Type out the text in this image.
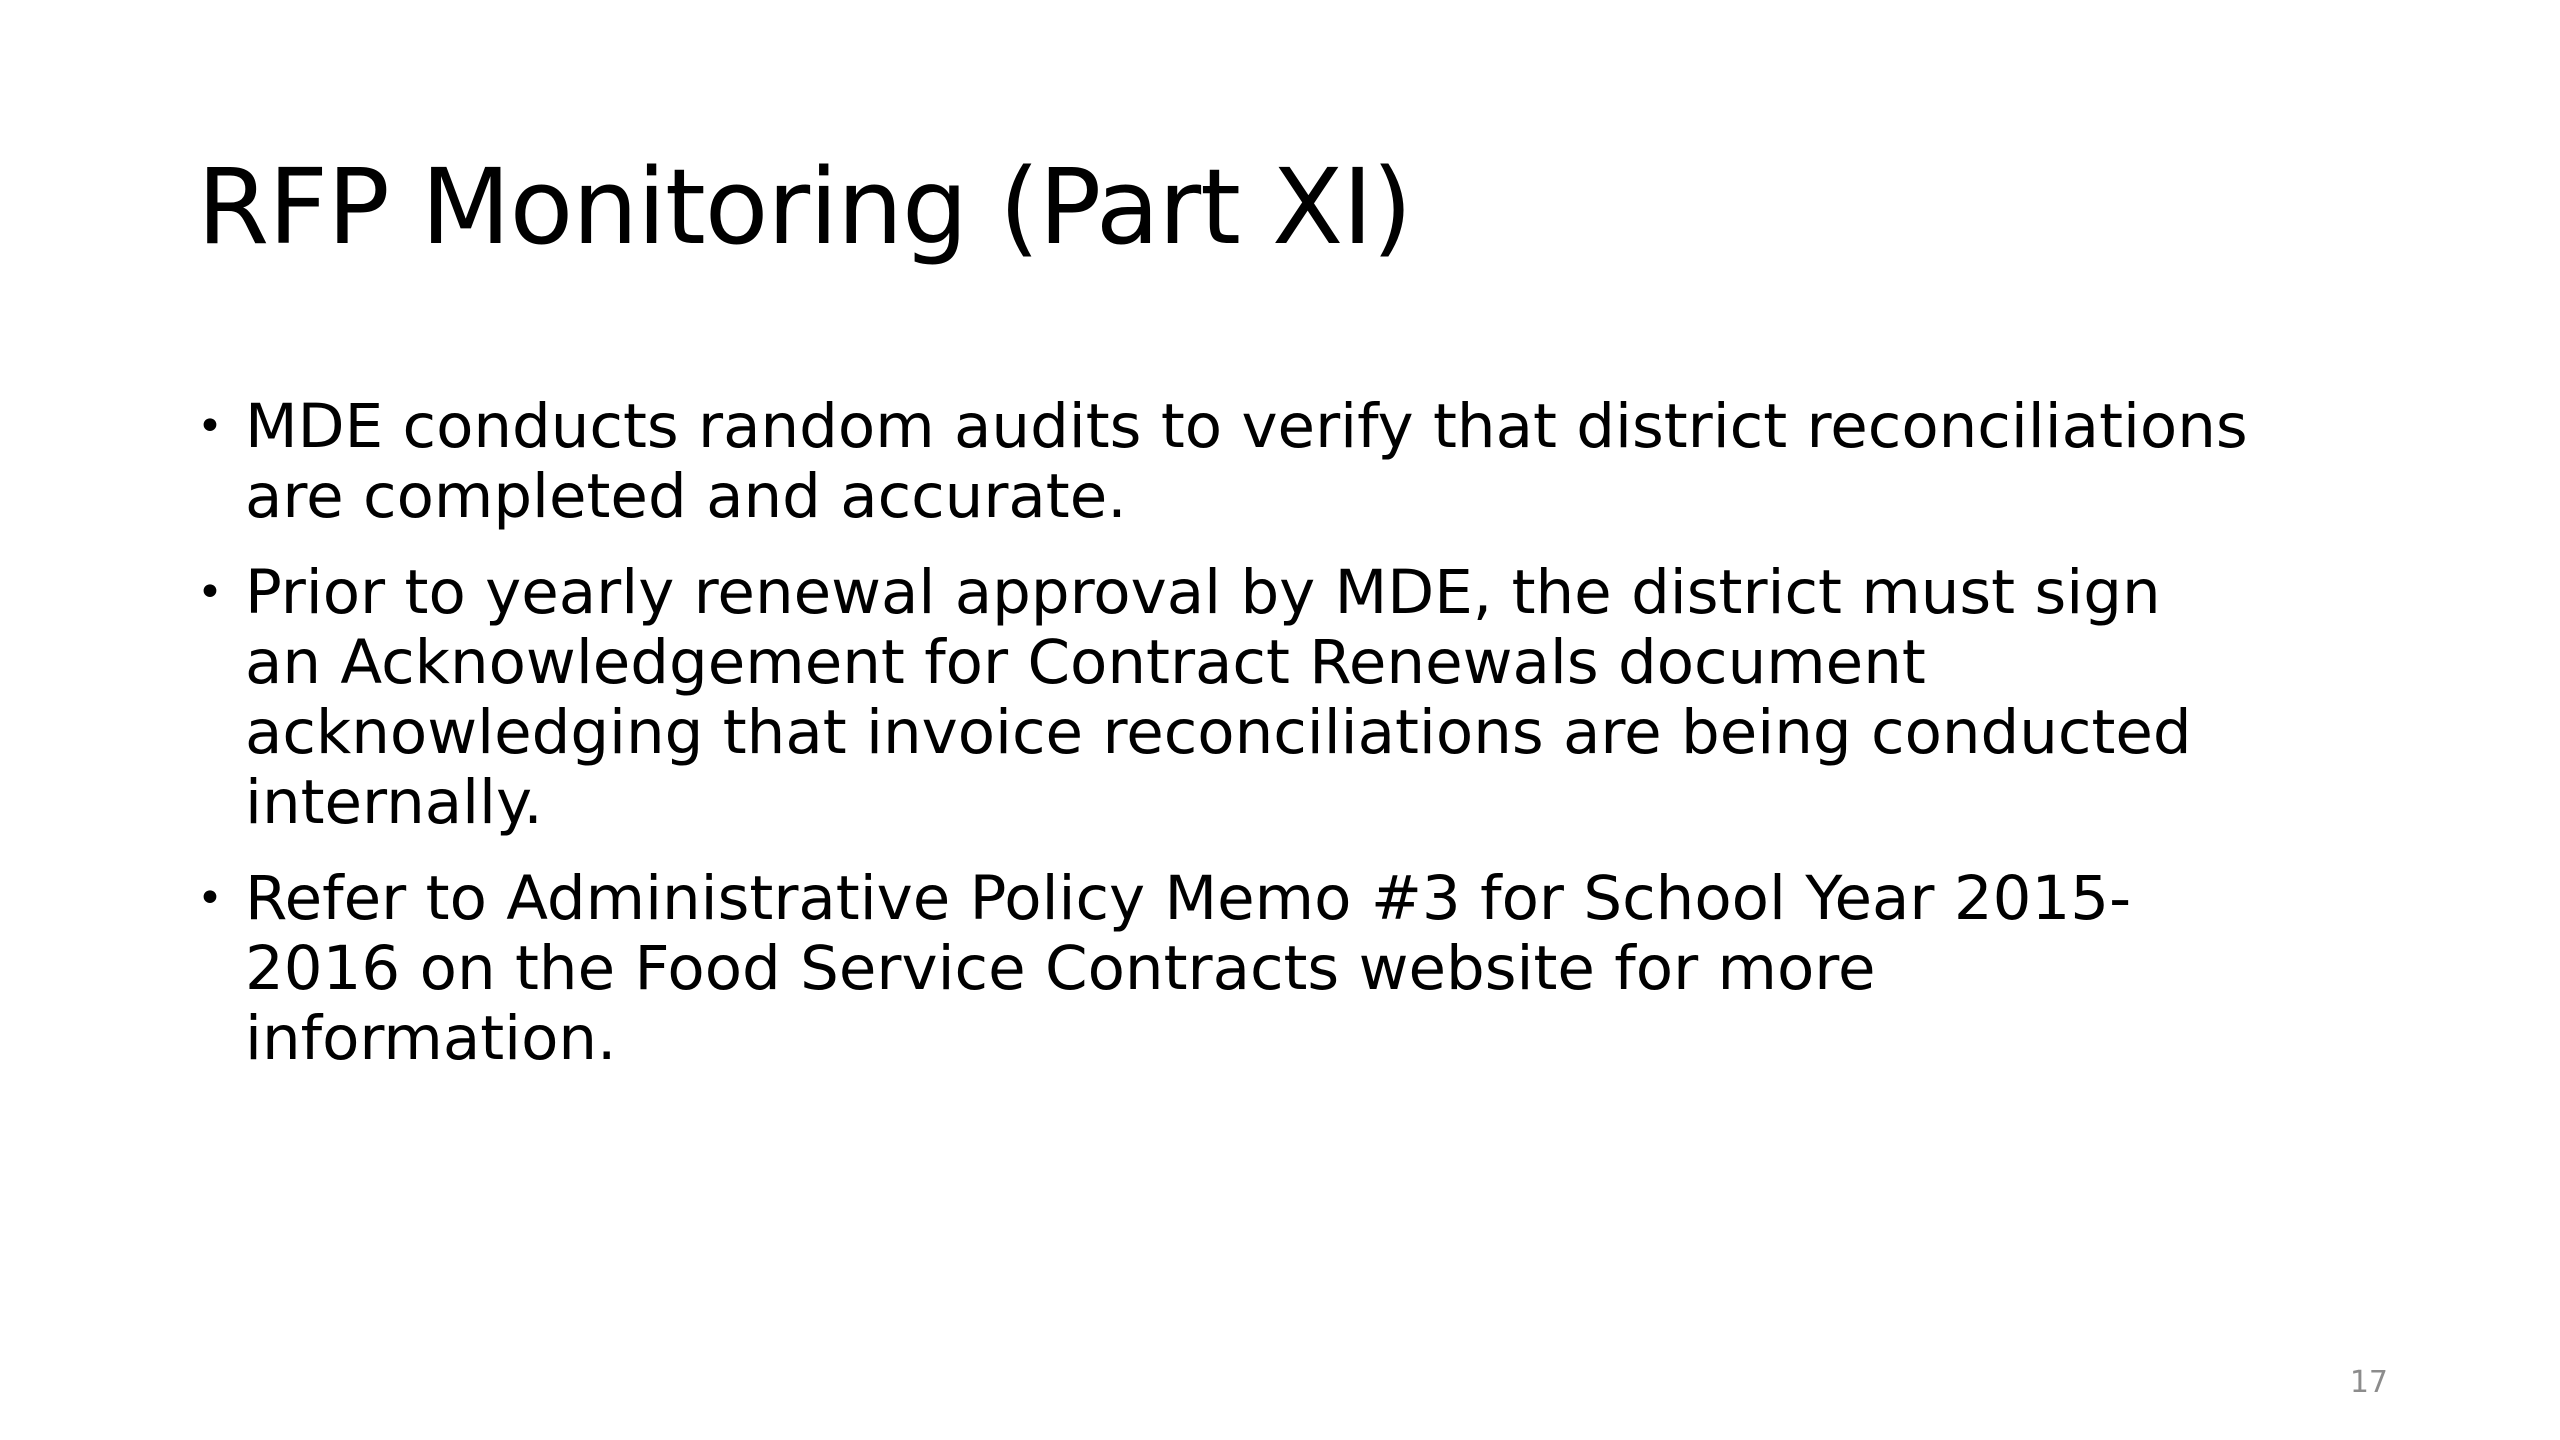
RFP Monitoring (Part XI)
• MDE conducts random audits to verify that district reconciliations
are completed and accurate.
• Prior to yearly renewal approval by MDE, the district must sign
an Acknowledgement for Contract Renewals document
acknowledging that invoice reconciliations are being conducted
internally.
• Refer to Administrative Policy Memo #3 for School Year 2015-
2016 on the Food Service Contracts website for more
information.
17
